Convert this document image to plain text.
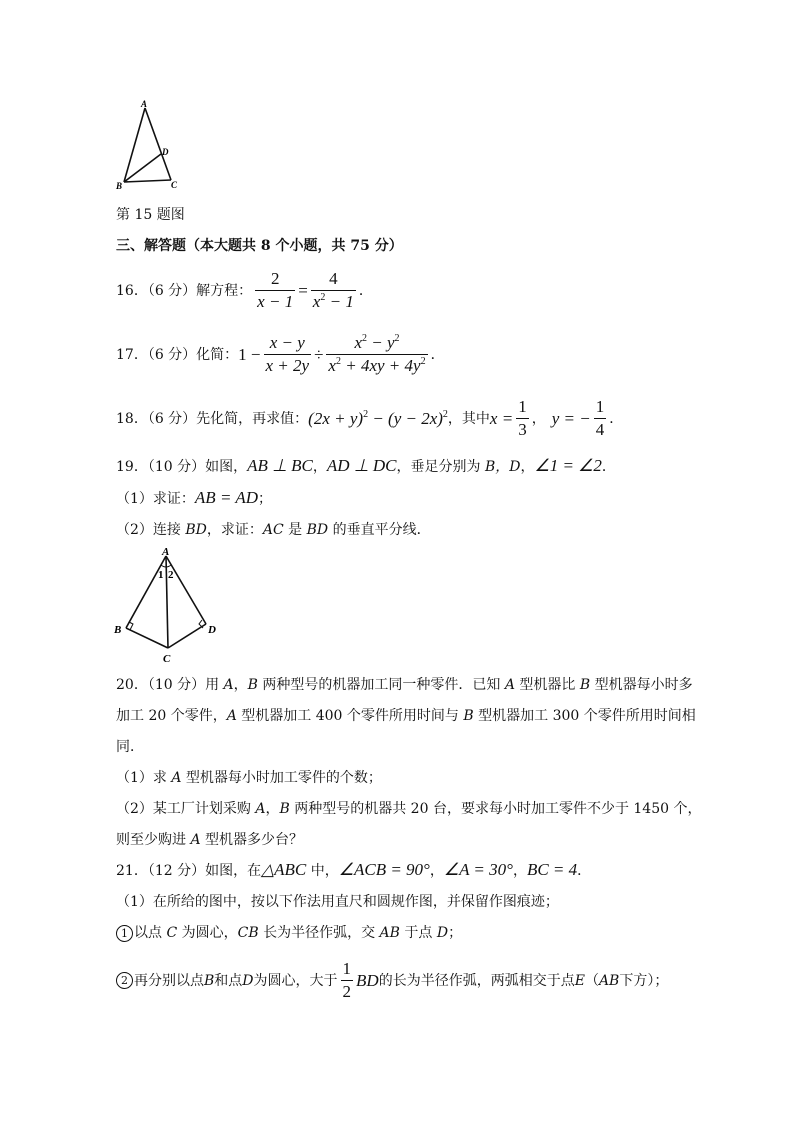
A
D
B	C
第 15 题图
三、解答题（本大题共 8 个小题，共 75 分）
16．（6 分）解方程： $\frac{2}{x - 1} = \frac{4}{x^2 - 1}$ ．
17．（6 分）化简： $1 - \frac{x - y}{x + 2y} \div \frac{x^2 - y^2}{x^2 + 4xy + 4y^2}$ ．
18．（6 分）先化简，再求值： $(2x + y)^2 - (y - 2x)^2$ ，其中 $x = \frac{1}{3}$ ， y = − $\frac{1}{4}$ ．
19．（10 分）如图，AB ⊥ BC，AD ⊥ DC，垂足分别为 B，D，∠1 = ∠2．
（1）求证：AB = AD；
（2）连接 BD，求证：AC 是 BD 的垂直平分线．
A
1 2
B	D
C
20．（10 分）用 A，B 两种型号的机器加工同一种零件．已知 A 型机器比 B 型机器每小时多
加工 20 个零件，A 型机器加工 400 个零件所用时间与 B 型机器加工 300 个零件所用时间相
同．
（1）求 A 型机器每小时加工零件的个数；
（2）某工厂计划采购 A，B 两种型号的机器共 20 台，要求每小时加工零件不少于 1450 个，
则至少购进 A 型机器多少台？
21．（12 分）如图，在△ABC 中，∠ACB = 90°，∠A = 30°，BC = 4．
（1）在所给的图中，按以下作法用直尺和圆规作图，并保留作图痕迹；
1 以点 C 为圆心，CB 长为半径作弧，交 AB 于点 D；
2 再分别以点 B 和点 D 为圆心，大于 $\frac{1}{2}$ BD 的长为半径作弧，两弧相交于点 E （ AB 下方）；
